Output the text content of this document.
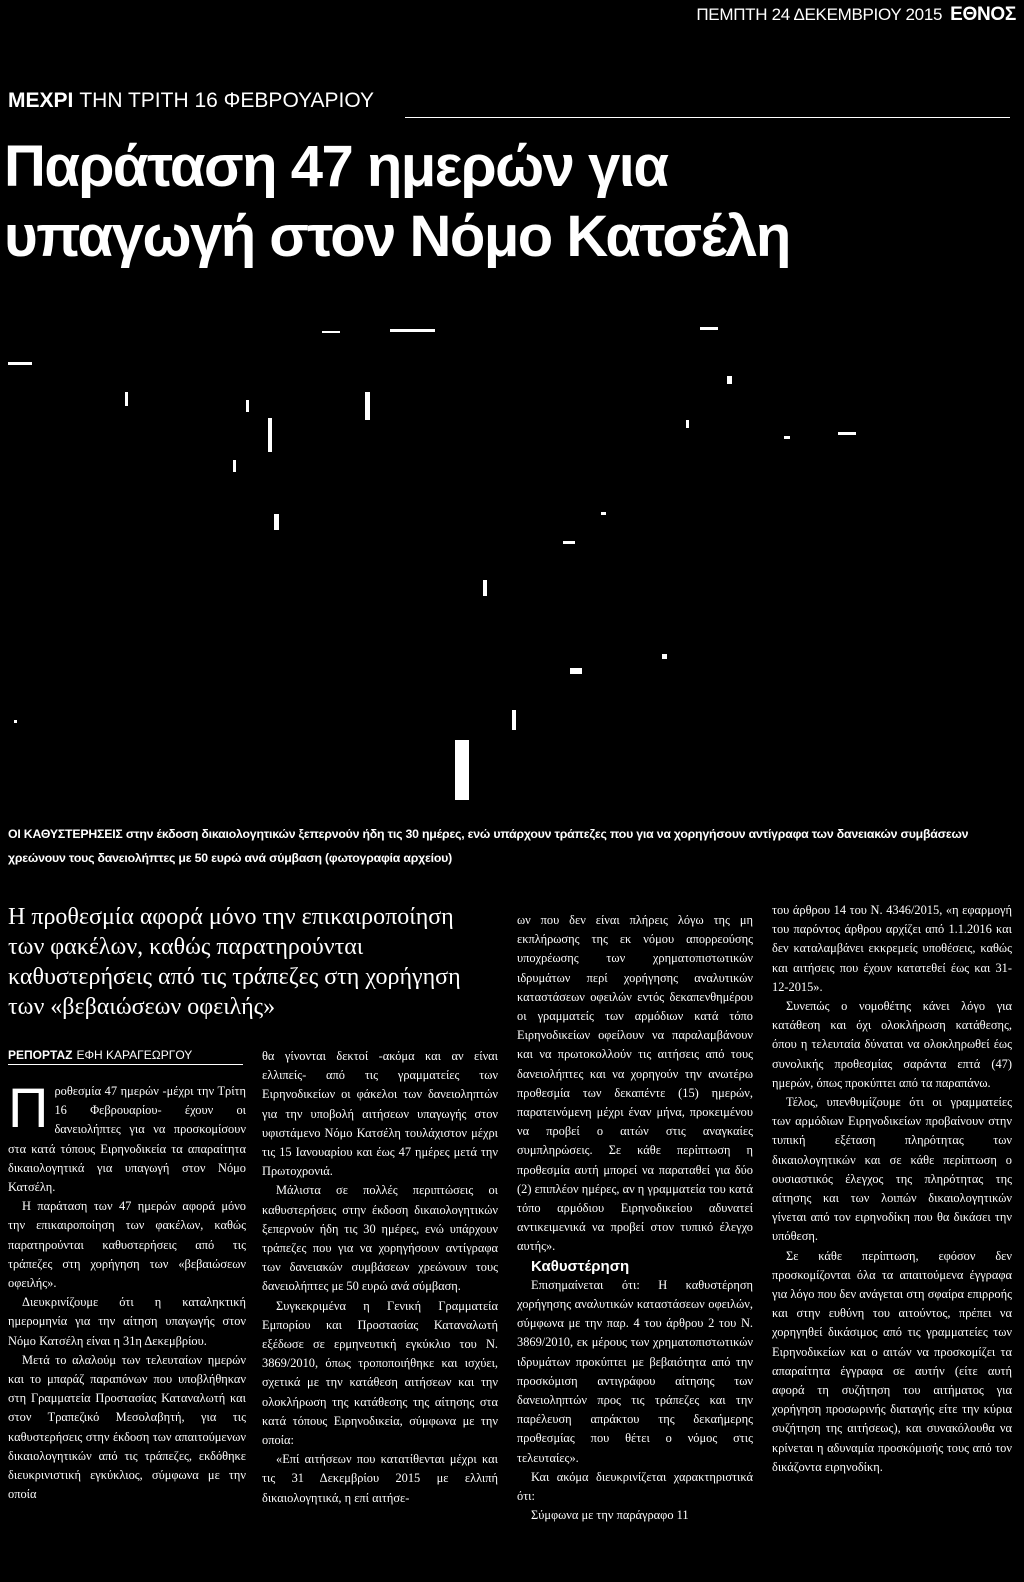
ΠΕΜΠΤΗ 24 ΔΕΚΕΜΒΡΙΟΥ 2015 ΕΘΝΟΣ
ΜΕΧΡΙ ΤΗΝ ΤΡΙΤΗ 16 ΦΕΒΡΟΥΑΡΙΟΥ
Παράταση 47 ημερών για
υπαγωγή στον Νόμο Κατσέλη
ΟΙ ΚΑΘΥΣΤΕΡΗΣΕΙΣ στην έκδοση δικαιολογητικών ξεπερνούν ήδη τις 30 ημέρες, ενώ υπάρχουν τράπεζες που για να χορηγήσουν αντίγραφα των δανειακών συμβάσεων χρεώνουν τους δανειολήπτες με 50 ευρώ ανά σύμβαση (φωτογραφία αρχείου)
Η προθεσμία αφορά μόνο την επικαιροποίηση των φακέλων, καθώς παρατηρούνται καθυστερήσεις από τις τράπεζες στη χορήγηση των «βεβαιώσεων οφειλής»
ΡΕΠΟΡΤΑΖ ΕΦΗ ΚΑΡΑΓΕΩΡΓΟΥ
Π ροθεσμία 47 ημερών -μέχρι την Τρίτη 16 Φεβρουαρίου- έχουν οι δανειολήπτες για να προσκομίσουν στα κατά τόπους Ειρηνοδικεία τα απαραίτητα δικαιολογητικά για υπαγωγή στον Νόμο Κατσέλη.

Η παράταση των 47 ημερών αφορά μόνο την επικαιροποίηση των φακέλων, καθώς παρατηρούνται καθυστερήσεις από τις τράπεζες στη χορήγηση των «βεβαιώσεων οφειλής».

Διευκρινίζουμε ότι η καταληκτική ημερομηνία για την αίτηση υπαγωγής στον Νόμο Κατσέλη είναι η 31η Δεκεμβρίου.

Μετά το αλαλούμ των τελευταίων ημερών και το μπαράζ παραπόνων που υποβλήθηκαν στη Γραμματεία Προστασίας Καταναλωτή και στον Τραπεζικό Μεσολαβητή, για τις καθυστερήσεις στην έκδοση των απαιτούμενων δικαιολογητικών από τις τράπεζες, εκδόθηκε διευκρινιστική εγκύκλιος, σύμφωνα με την οποία

θα γίνονται δεκτοί -ακόμα και αν είναι ελλιπείς- από τις γραμματείες των Ειρηνοδικείων οι φάκελοι των δανειοληπτών για την υποβολή αιτήσεων υπαγωγής στον υφιστάμενο Νόμο Κατσέλη τουλάχιστον μέχρι τις 15 Ιανουαρίου και έως 47 ημέρες μετά την Πρωτοχρονιά.

Μάλιστα σε πολλές περιπτώσεις οι καθυστερήσεις στην έκδοση δικαιολογητικών ξεπερνούν ήδη τις 30 ημέρες, ενώ υπάρχουν τράπεζες που για να χορηγήσουν αντίγραφα των δανειακών συμβάσεων χρεώνουν τους δανειολήπτες με 50 ευρώ ανά σύμβαση.

Συγκεκριμένα η Γενική Γραμματεία Εμπορίου και Προστασίας Καταναλωτή εξέδωσε σε ερμηνευτική εγκύκλιο του Ν. 3869/2010, όπως τροποποιήθηκε και ισχύει, σχετικά με την κατάθεση αιτήσεων και την ολοκλήρωση της κατάθεσης της αίτησης στα κατά τόπους Ειρηνοδικεία, σύμφωνα με την οποία:

«Επί αιτήσεων που κατατίθενται μέχρι και τις 31 Δεκεμβρίου 2015 με ελλιπή δικαιολογητικά, η επί αιτήσε-

ων που δεν είναι πλήρεις λόγω της μη εκπλήρωσης της εκ νόμου απορρεούσης υποχρέωσης των χρηματοπιστωτικών ιδρυμάτων περί χορήγησης αναλυτικών καταστάσεων οφειλών εντός δεκαπενθημέρου οι γραμματείς των αρμόδιων κατά τόπο Ειρηνοδικείων οφείλουν να παραλαμβάνουν και να πρωτοκολλούν τις αιτήσεις από τους δανειολήπτες και να χορηγούν την ανωτέρω προθεσμία των δεκαπέντε (15) ημερών, παρατεινόμενη μέχρι έναν μήνα, προκειμένου να προβεί ο αιτών στις αναγκαίες συμπληρώσεις. Σε κάθε περίπτωση η προθεσμία αυτή μπορεί να παραταθεί για δύο (2) επιπλέον ημέρες, αν η γραμματεία του κατά τόπο αρμόδιου Ειρηνοδικείου αδυνατεί αντικειμενικά να προβεί στον τυπικό έλεγχο αυτής».

Καθυστέρηση

Επισημαίνεται ότι: Η καθυστέρηση χορήγησης αναλυτικών καταστάσεων οφειλών, σύμφωνα με την παρ. 4 του άρθρου 2 του Ν. 3869/2010, εκ μέρους των χρηματοπιστωτικών ιδρυμάτων προκύπτει με βεβαιότητα από την προσκόμιση αντιγράφου αίτησης των δανειοληπτών προς τις τράπεζες και την παρέλευση απράκτου της δεκαήμερης προθεσμίας που θέτει ο νόμος στις τελευταίες».

Και ακόμα διευκρινίζεται χαρακτηριστικά ότι:

Σύμφωνα με την παράγραφο 11

του άρθρου 14 του Ν. 4346/2015, «η εφαρμογή του παρόντος άρθρου αρχίζει από 1.1.2016 και δεν καταλαμβάνει εκκρεμείς υποθέσεις, καθώς και αιτήσεις που έχουν κατατεθεί έως και 31-12-2015».

Συνεπώς ο νομοθέτης κάνει λόγο για κατάθεση και όχι ολοκλήρωση κατάθεσης, όπου η τελευταία δύναται να ολοκληρωθεί έως συνολικής προθεσμίας σαράντα επτά (47) ημερών, όπως προκύπτει από τα παραπάνω.

Τέλος, υπενθυμίζουμε ότι οι γραμματείες των αρμόδιων Ειρηνοδικείων προβαίνουν στην τυπική εξέταση πληρότητας των δικαιολογητικών και σε κάθε περίπτωση ο ουσιαστικός έλεγχος της πληρότητας της αίτησης και των λοιπών δικαιολογητικών γίνεται από τον ειρηνοδίκη που θα δικάσει την υπόθεση.

Σε κάθε περίπτωση, εφόσον δεν προσκομίζονται όλα τα απαιτούμενα έγγραφα για λόγο που δεν ανάγεται στη σφαίρα επιρροής και στην ευθύνη του αιτούντος, πρέπει να χορηγηθεί δικάσιμος από τις γραμματείες των Ειρηνοδικείων και ο αιτών να προσκομίζει τα απαραίτητα έγγραφα σε αυτήν (είτε αυτή αφορά τη συζήτηση του αιτήματος για χορήγηση προσωρινής διαταγής είτε την κύρια συζήτηση της αιτήσεως), και συνακόλουθα να κρίνεται η αδυναμία προσκόμισής τους από τον δικάζοντα ειρηνοδίκη.
